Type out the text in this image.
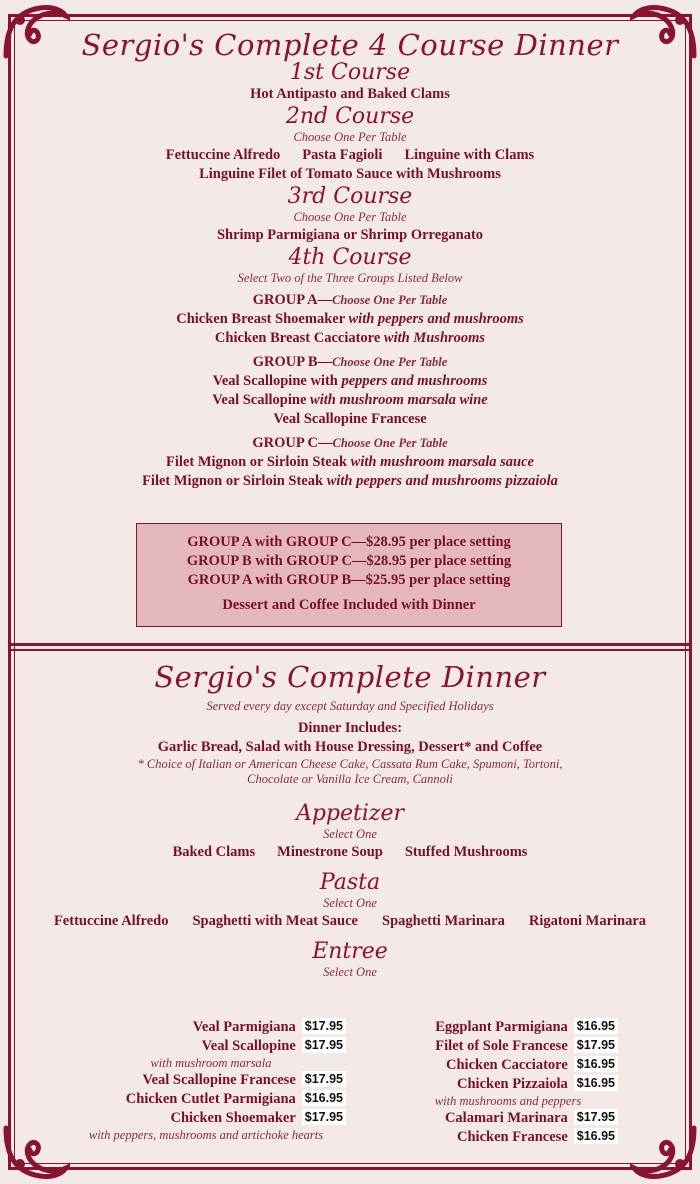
Sergio's Complete 4 Course Dinner
1st Course
Hot Antipasto and Baked Clams
2nd Course
Choose One Per Table
Fettuccine Alfredo Pasta Fagioli Linguine with Clams
Linguine Filet of Tomato Sauce with Mushrooms
3rd Course
Choose One Per Table
Shrimp Parmigiana or Shrimp Orreganato
4th Course
Select Two of the Three Groups Listed Below
GROUP A—Choose One Per Table
Chicken Breast Shoemaker with peppers and mushrooms
Chicken Breast Cacciatore with Mushrooms
GROUP B—Choose One Per Table
Veal Scallopine with peppers and mushrooms
Veal Scallopine with mushroom marsala wine
Veal Scallopine Francese
GROUP C—Choose One Per Table
Filet Mignon or Sirloin Steak with mushroom marsala sauce
Filet Mignon or Sirloin Steak with peppers and mushrooms pizzaiola
GROUP A with GROUP C—$28.95 per place setting
GROUP B with GROUP C—$28.95 per place setting
GROUP A with GROUP B—$25.95 per place setting
Dessert and Coffee Included with Dinner
Sergio's Complete Dinner
Served every day except Saturday and Specified Holidays
Dinner Includes:
Garlic Bread, Salad with House Dressing, Dessert* and Coffee
* Choice of Italian or American Cheese Cake, Cassata Rum Cake, Spumoni, Tortoni,
Chocolate or Vanilla Ice Cream, Cannoli
Appetizer
Select One
Baked Clams Minestrone Soup Stuffed Mushrooms
Pasta
Select One
Fettuccine Alfredo Spaghetti with Meat Sauce Spaghetti Marinara Rigatoni Marinara
Entree
Select One
Veal Parmigiana $17.95
Veal Scallopine $17.95
with mushroom marsala
Veal Scallopine Francese $17.95
Chicken Cutlet Parmigiana $16.95
Chicken Shoemaker $17.95
with peppers, mushrooms and artichoke hearts
Eggplant Parmigiana $16.95
Filet of Sole Francese $17.95
Chicken Cacciatore $16.95
Chicken Pizzaiola $16.95
with mushrooms and peppers
Calamari Marinara $17.95
Chicken Francese $16.95
